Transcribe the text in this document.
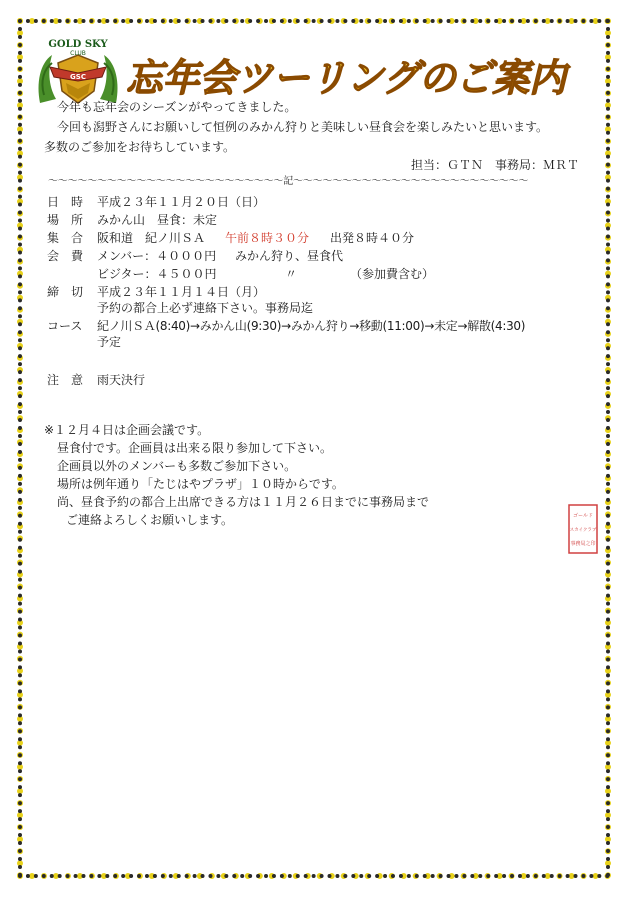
GOLD SKY
CLUB
GSC 忘年会ツーリングのご案内
今年も忘年会のシーズンがやってきました。
今回も潟野さんにお願いして恒例のみかん狩りと美味しい昼食会を楽しみたいと思います。
多数のご参加をお待ちしています。
担当：ＧＴＮ　事務局：ＭＲＴ
〜〜〜〜〜〜〜〜〜〜〜〜〜〜〜〜〜〜〜〜〜〜〜〜記〜〜〜〜〜〜〜〜〜〜〜〜〜〜〜〜〜〜〜〜〜〜〜〜
日　時 平成２３年１１月２０日（日）
場　所 みかん山　昼食：未定
集　合 阪和道　紀ノ川ＳＡ 午前８時３０分 出発８時４０分
会　費 メンバー：４０００円 みかん狩り、昼食代
ビジター：４５００円	〃	（参加費含む）
締　切 平成２３年１１月１４日（月）
予約の都合上必ず連絡下さい。事務局迄
コース 紀ノ川ＳＡ(8:40)→みかん山(9:30)→みかん狩り→移動(11:00)→未定→解散(4:30)
予定
注　意 雨天決行
※１２月４日は企画会議です。
昼食付です。企画員は出来る限り参加して下さい。
企画員以外のメンバーも多数ご参加下さい。
場所は例年通り「たじはやプラザ」１０時からです。
尚、昼食予約の都合上出席できる方は１１月２６日までに事務局まで
ご連絡よろしくお願いします。	ゴールド
スカイクラブ
事務局之印
